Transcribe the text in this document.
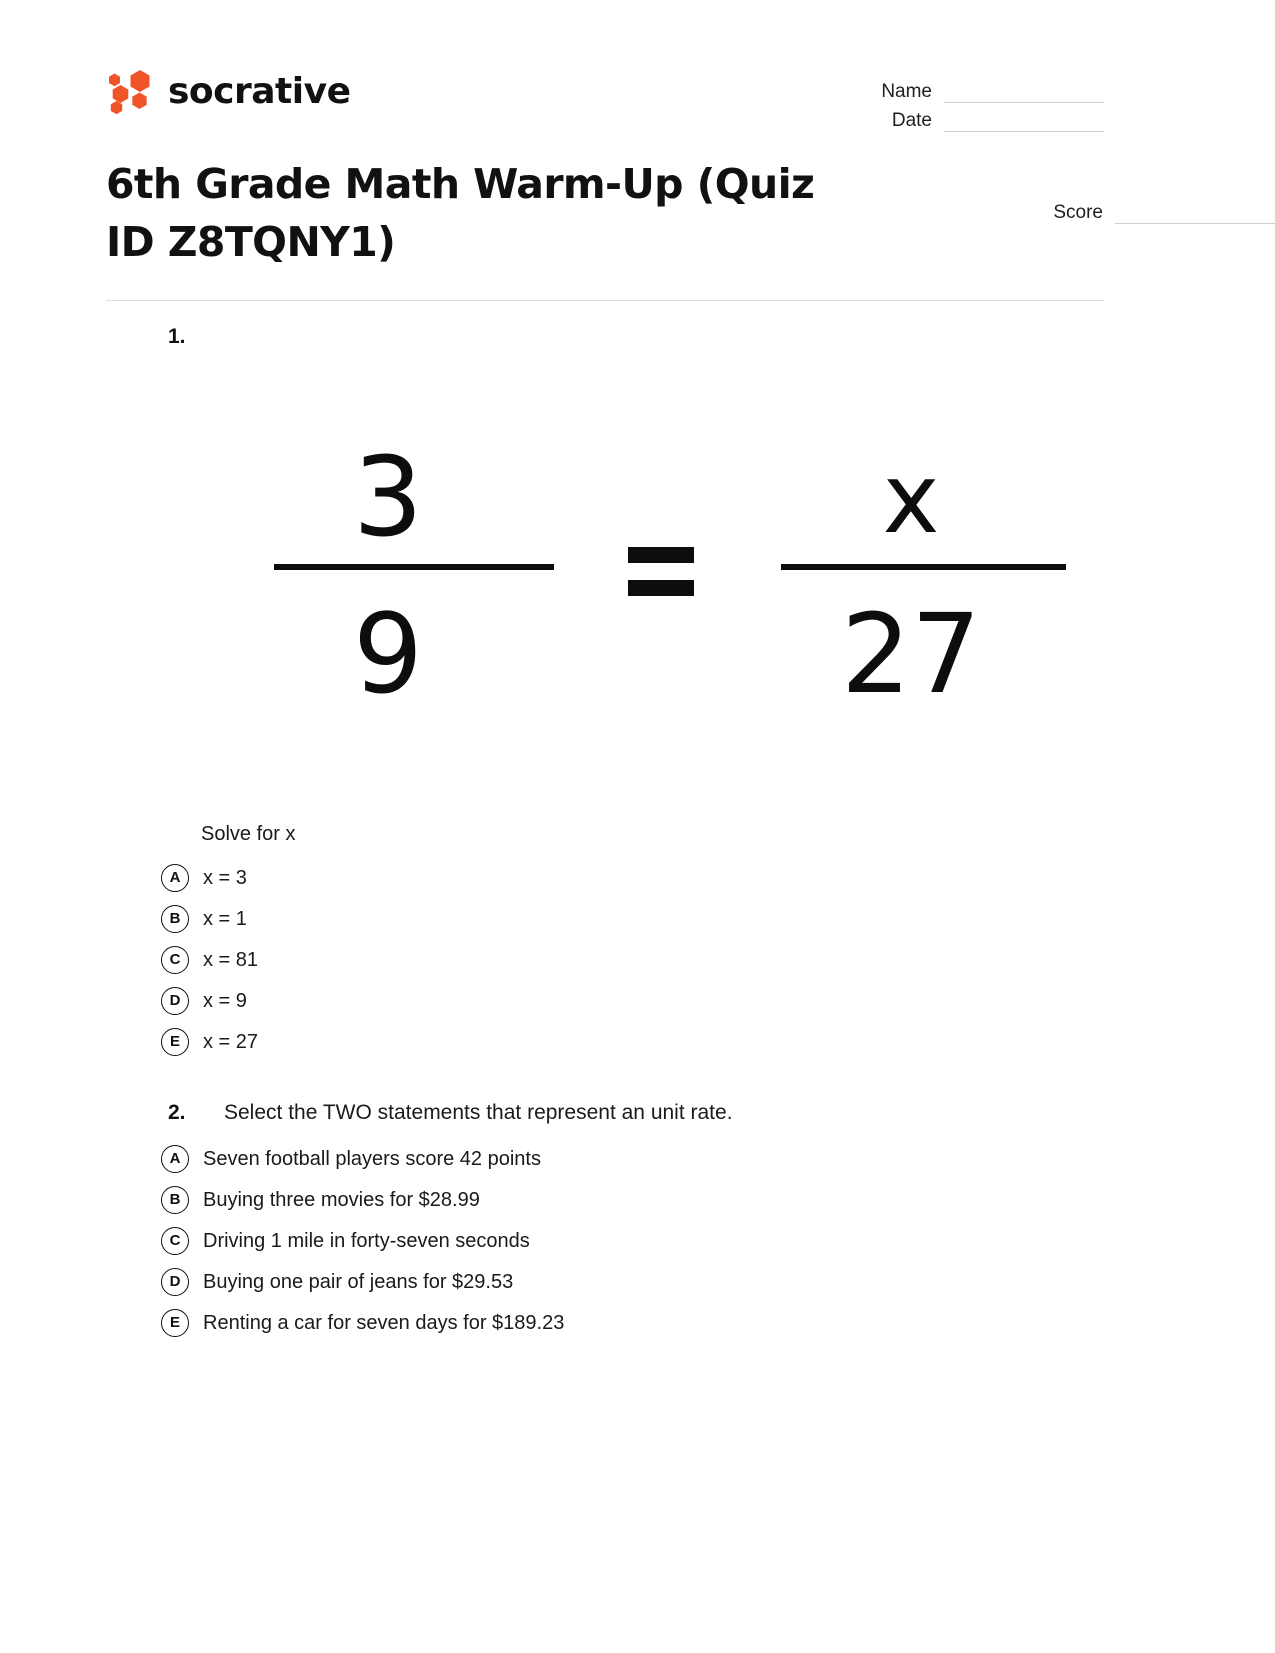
socrative	Name
Date
6th Grade Math Warm-Up (Quiz ID Z8TQNY1)
Score
1.
3
9
x
27
Solve for x
A	x = 3
B	x = 1
C	x = 81
D	x = 9
E	x = 27
2.	Select the TWO statements that represent an unit rate.
A	Seven football players score 42 points
B	Buying three movies for $28.99
C	Driving 1 mile in forty-seven seconds
D	Buying one pair of jeans for $29.53
E	Renting a car for seven days for $189.23
